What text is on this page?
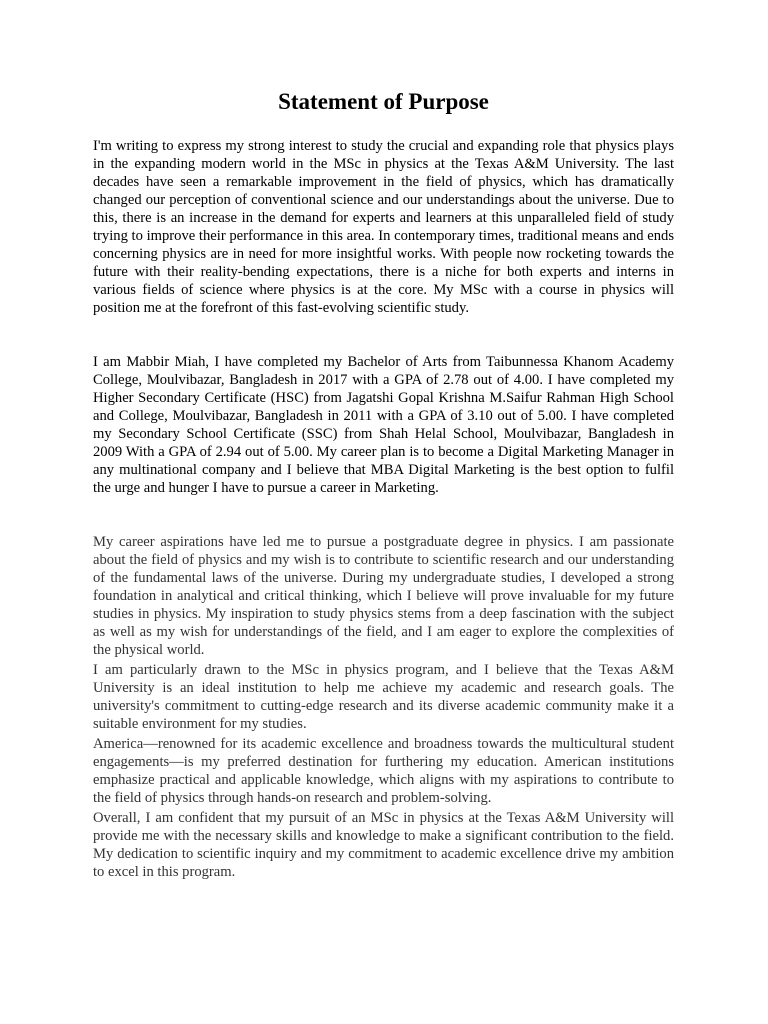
Statement of Purpose

I'm writing to express my strong interest to study the crucial and expanding role that physics plays in the expanding modern world in the MSc in physics at the Texas A&M University. The last decades have seen a remarkable improvement in the field of physics, which has dramatically changed our perception of conventional science and our understandings about the universe. Due to this, there is an increase in the demand for experts and learners at this unparalleled field of study trying to improve their performance in this area. In contemporary times, traditional means and ends concerning physics are in need for more insightful works. With people now rocketing towards the future with their reality-bending expectations, there is a niche for both experts and interns in various fields of science where physics is at the core. My MSc with a course in physics will position me at the forefront of this fast-evolving scientific study.

I am Mabbir Miah, I have completed my Bachelor of Arts from Taibunnessa Khanom Academy College, Moulvibazar, Bangladesh in 2017 with a GPA of 2.78 out of 4.00. I have completed my Higher Secondary Certificate (HSC) from Jagatshi Gopal Krishna M.Saifur Rahman High School and College, Moulvibazar, Bangladesh in 2011 with a GPA of 3.10 out of 5.00. I have completed my Secondary School Certificate (SSC) from Shah Helal School, Moulvibazar, Bangladesh in 2009 With a GPA of 2.94 out of 5.00. My career plan is to become a Digital Marketing Manager in any multinational company and I believe that MBA Digital Marketing is the best option to fulfil the urge and hunger I have to pursue a career in Marketing.

My career aspirations have led me to pursue a postgraduate degree in physics. I am passionate about the field of physics and my wish is to contribute to scientific research and our understanding of the fundamental laws of the universe. During my undergraduate studies, I developed a strong foundation in analytical and critical thinking, which I believe will prove invaluable for my future studies in physics. My inspiration to study physics stems from a deep fascination with the subject as well as my wish for understandings of the field, and I am eager to explore the complexities of the physical world.

I am particularly drawn to the MSc in physics program, and I believe that the Texas A&M University is an ideal institution to help me achieve my academic and research goals. The university's commitment to cutting-edge research and its diverse academic community make it a suitable environment for my studies.

America—renowned for its academic excellence and broadness towards the multicultural student engagements—is my preferred destination for furthering my education. American institutions emphasize practical and applicable knowledge, which aligns with my aspirations to contribute to the field of physics through hands-on research and problem-solving.

Overall, I am confident that my pursuit of an MSc in physics at the Texas A&M University will provide me with the necessary skills and knowledge to make a significant contribution to the field. My dedication to scientific inquiry and my commitment to academic excellence drive my ambition to excel in this program.
